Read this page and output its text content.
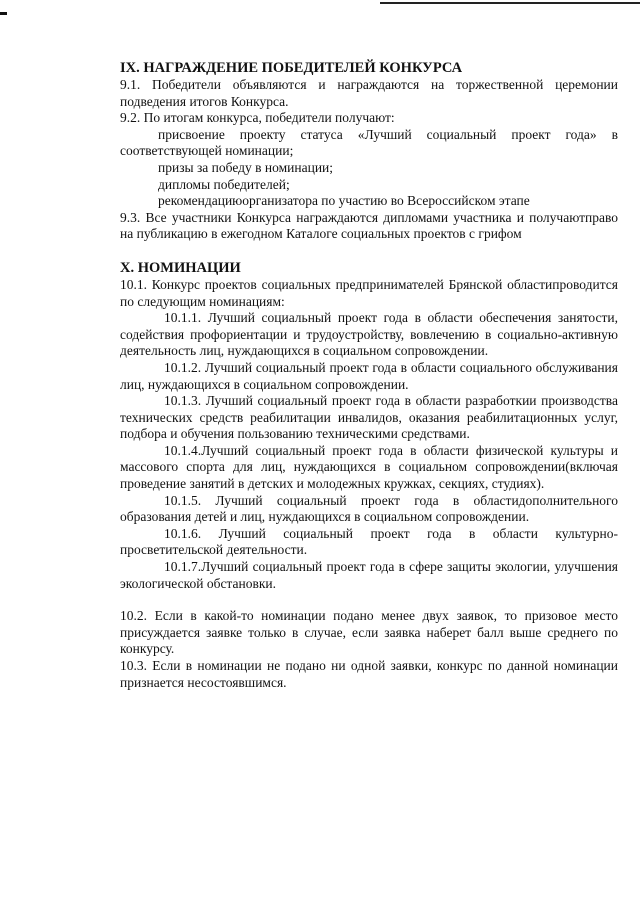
IX. НАГРАЖДЕНИЕ ПОБЕДИТЕЛЕЙ КОНКУРСА

9.1. Победители объявляются и награждаются на торжественной церемонии подведения итогов Конкурса.

9.2. По итогам конкурса, победители получают:

присвоение проекту статуса «Лучший социальный проект года» в соответствующей номинации;

призы за победу в номинации;

дипломы победителей;

рекомендациюорганизатора по участию во Всероссийском этапе

9.3. Все участники Конкурса награждаются дипломами участника и получаютправо на публикацию в ежегодном Каталоге социальных проектов с грифом

X. НОМИНАЦИИ

10.1. Конкурс проектов социальных предпринимателей Брянской областипроводится по следующим номинациям:

10.1.1. Лучший социальный проект года в области обеспечения занятости, содействия профориентации и трудоустройству, вовлечению в социально-активную деятельность лиц, нуждающихся в социальном сопровождении.

10.1.2. Лучший социальный проект года в области социального обслуживания лиц, нуждающихся в социальном сопровождении.

10.1.3. Лучший социальный проект года в области разработкии производства технических средств реабилитации инвалидов, оказания реабилитационных услуг, подбора и обучения пользованию техническими средствами.

10.1.4.Лучший социальный проект года в области физической культуры и массового спорта для лиц, нуждающихся в социальном сопровождении(включая проведение занятий в детских и молодежных кружках, секциях, студиях).

10.1.5. Лучший социальный проект года в областидополнительного образования детей и лиц, нуждающихся в социальном сопровождении.

10.1.6. Лучший социальный проект года в области культурно-просветительской деятельности.

10.1.7.Лучший социальный проект года в сфере защиты экологии, улучшения экологической обстановки.

10.2. Если в какой-то номинации подано менее двух заявок, то призовое место присуждается заявке только в случае, если заявка наберет балл выше среднего по конкурсу.

10.3. Если в номинации не подано ни одной заявки, конкурс по данной номинации признается несостоявшимся.
